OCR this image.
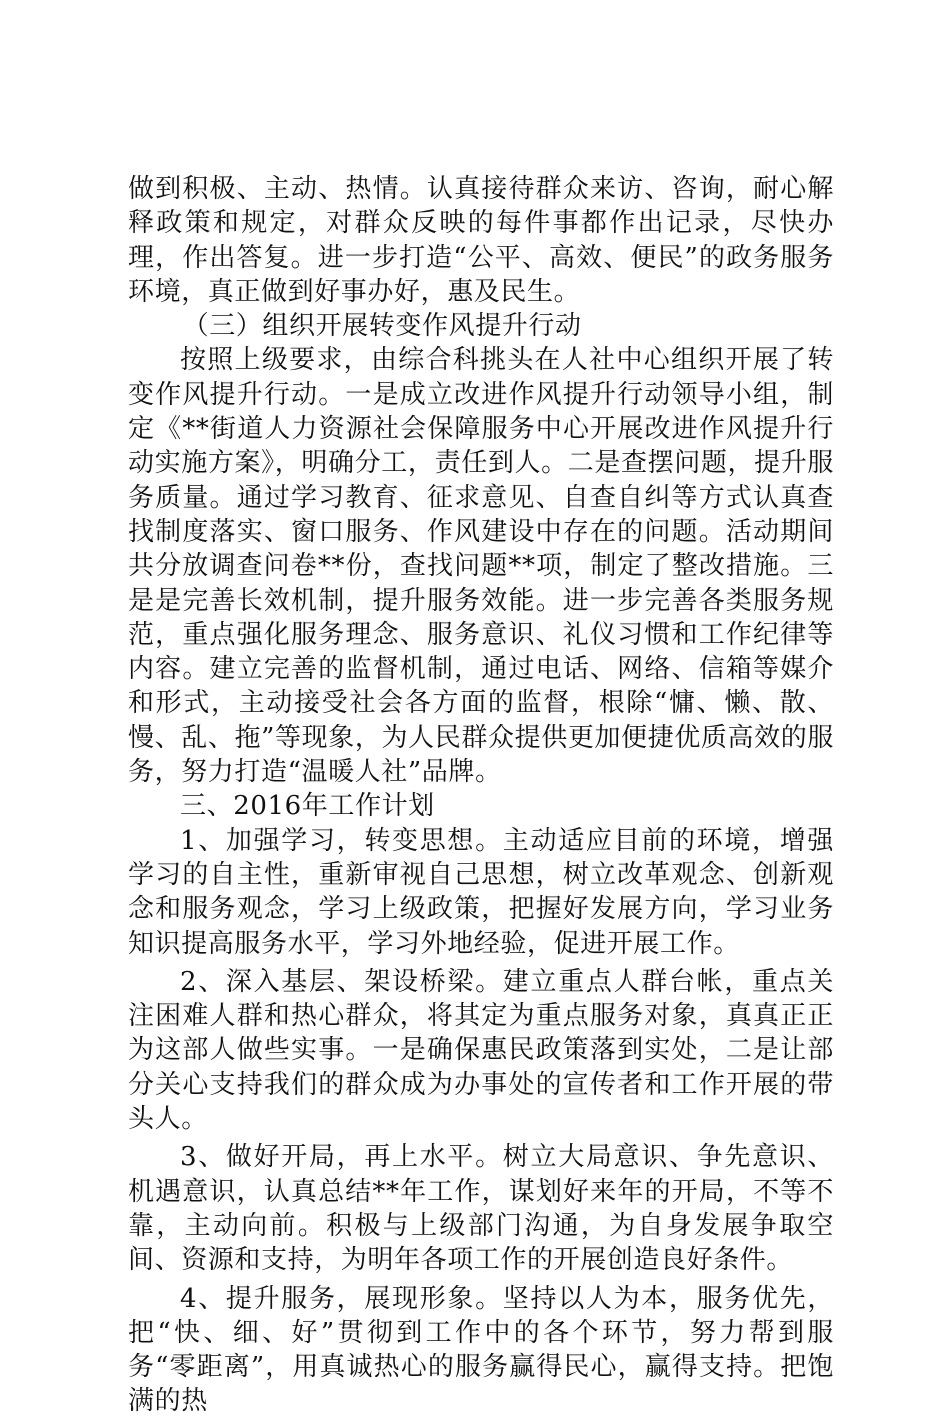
做到积极、主动、热情。认真接待群众来访、咨询，耐心解释政策和规定，对群众反映的每件事都作出记录，尽快办理，作出答复。进一步打造“公平、高效、便民”的政务服务环境，真正做到好事办好，惠及民生。

（三）组织开展转变作风提升行动

按照上级要求，由综合科挑头在人社中心组织开展了转变作风提升行动。一是成立改进作风提升行动领导小组，制定《**街道人力资源社会保障服务中心开展改进作风提升行动实施方案》，明确分工，责任到人。二是查摆问题，提升服务质量。通过学习教育、征求意见、自查自纠等方式认真查找制度落实、窗口服务、作风建设中存在的问题。活动期间共分放调查问卷**份，查找问题**项，制定了整改措施。三是是完善长效机制，提升服务效能。进一步完善各类服务规范，重点强化服务理念、服务意识、礼仪习惯和工作纪律等内容。建立完善的监督机制，通过电话、网络、信箱等媒介和形式，主动接受社会各方面的监督，根除“慵、懒、散、慢、乱、拖”等现象，为人民群众提供更加便捷优质高效的服务，努力打造“温暖人社”品牌。

三、2016年工作计划

1、加强学习，转变思想。主动适应目前的环境，增强学习的自主性，重新审视自己思想，树立改革观念、创新观念和服务观念，学习上级政策，把握好发展方向，学习业务知识提高服务水平，学习外地经验，促进开展工作。

2、深入基层、架设桥梁。建立重点人群台帐，重点关注困难人群和热心群众，将其定为重点服务对象，真真正正为这部人做些实事。一是确保惠民政策落到实处，二是让部分关心支持我们的群众成为办事处的宣传者和工作开展的带头人。

3、做好开局，再上水平。树立大局意识、争先意识、机遇意识，认真总结**年工作，谋划好来年的开局，不等不靠，主动向前。积极与上级部门沟通，为自身发展争取空间、资源和支持，为明年各项工作的开展创造良好条件。

4、提升服务，展现形象。坚持以人为本，服务优先，把“快、细、好”贯彻到工作中的各个环节，努力帮到服务“零距离”，用真诚热心的服务赢得民心，赢得支持。把饱满的热
